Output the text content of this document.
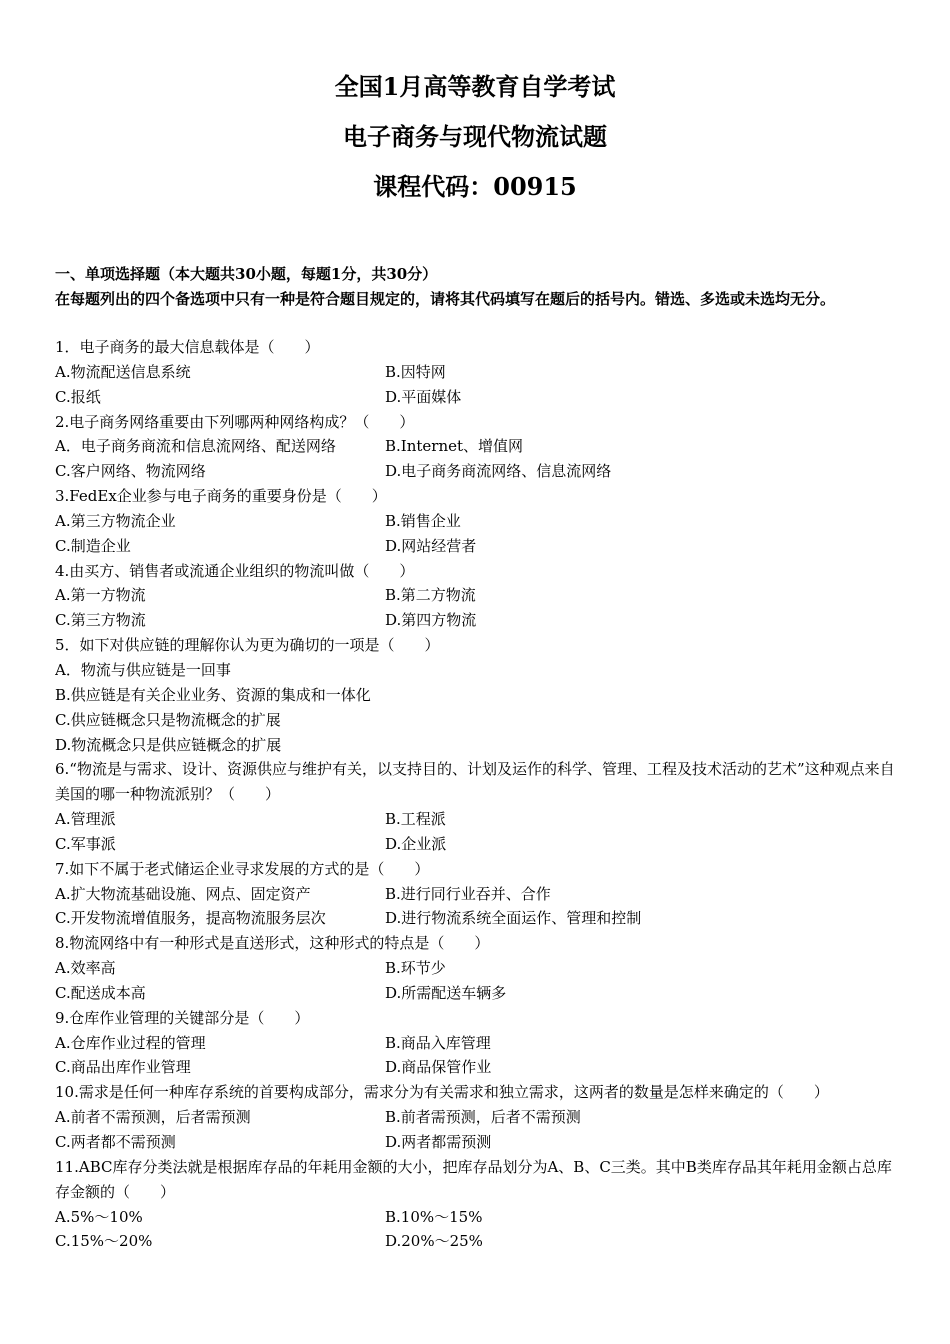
全国1月高等教育自学考试
电子商务与现代物流试题
课程代码：00915
一、单项选择题（本大题共30小题，每题1分，共30分）
在每题列出的四个备选项中只有一种是符合题目规定的，请将其代码填写在题后的括号内。错选、多选或未选均无分。
1．电子商务的最大信息载体是（　　）
A.物流配送信息系统	B.因特网
C.报纸	D.平面媒体
2.电子商务网络重要由下列哪两种网络构成？（　　）
A．电子商务商流和信息流网络、配送网络	B.Internet、增值网
C.客户网络、物流网络	D.电子商务商流网络、信息流网络
3.FedEx企业参与电子商务的重要身份是（　　）
A.第三方物流企业	B.销售企业
C.制造企业	D.网站经营者
4.由买方、销售者或流通企业组织的物流叫做（　　）
A.第一方物流	B.第二方物流
C.第三方物流	D.第四方物流
5．如下对供应链的理解你认为更为确切的一项是（　　）
A．物流与供应链是一回事
B.供应链是有关企业业务、资源的集成和一体化
C.供应链概念只是物流概念的扩展
D.物流概念只是供应链概念的扩展
6.“物流是与需求、设计、资源供应与维护有关，以支持目的、计划及运作的科学、管理、工程及技术活动的艺术”这种观点来自美国的哪一种物流派别？（　　）
A.管理派	B.工程派
C.军事派	D.企业派
7.如下不属于老式储运企业寻求发展的方式的是（　　）
A.扩大物流基础设施、网点、固定资产	B.进行同行业吞并、合作
C.开发物流增值服务，提高物流服务层次	D.进行物流系统全面运作、管理和控制
8.物流网络中有一种形式是直送形式，这种形式的特点是（　　）
A.效率高	B.环节少
C.配送成本高	D.所需配送车辆多
9.仓库作业管理的关键部分是（　　）
A.仓库作业过程的管理	B.商品入库管理
C.商品出库作业管理	D.商品保管作业
10.需求是任何一种库存系统的首要构成部分，需求分为有关需求和独立需求，这两者的数量是怎样来确定的（　　）
A.前者不需预测，后者需预测	B.前者需预测，后者不需预测
C.两者都不需预测	D.两者都需预测
11.ABC库存分类法就是根据库存品的年耗用金额的大小，把库存品划分为A、B、C三类。其中B类库存品其年耗用金额占总库存金额的（　　）
A.5%～10%	B.10%～15%
C.15%～20%	D.20%～25%
